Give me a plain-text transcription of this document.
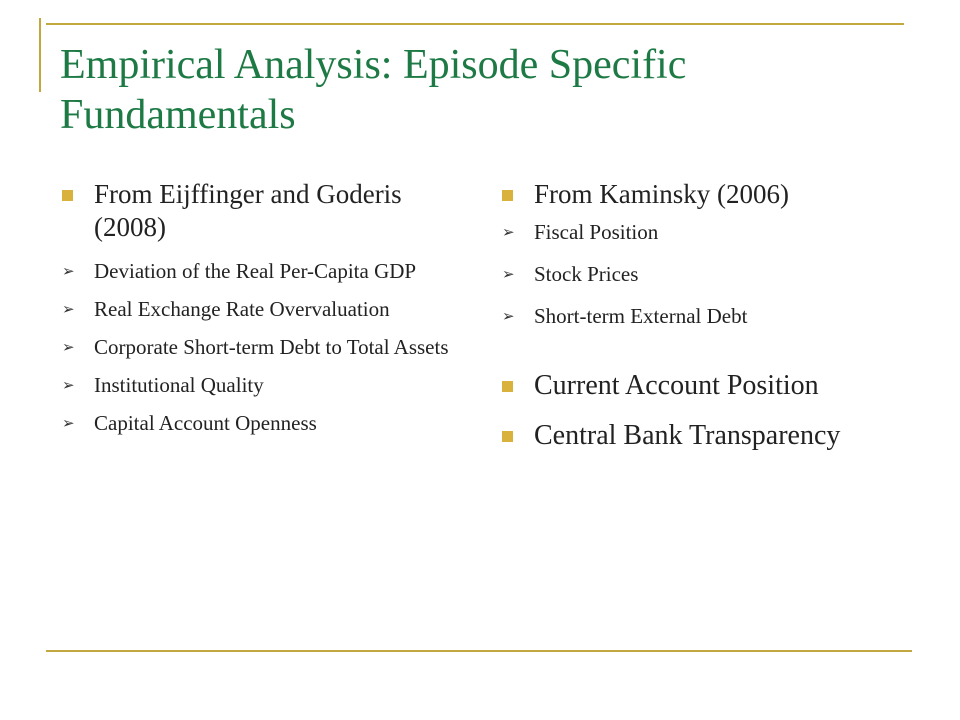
Empirical Analysis: Episode Specific Fundamentals
From Eijffinger and Goderis (2008)
➢ Deviation of the Real Per-Capita GDP
➢ Real Exchange Rate Overvaluation
➢ Corporate Short-term Debt to Total Assets
➢ Institutional Quality
➢ Capital Account Openness
From Kaminsky (2006)
➢ Fiscal Position
➢ Stock Prices
➢ Short-term External Debt
Current Account Position
Central Bank Transparency
